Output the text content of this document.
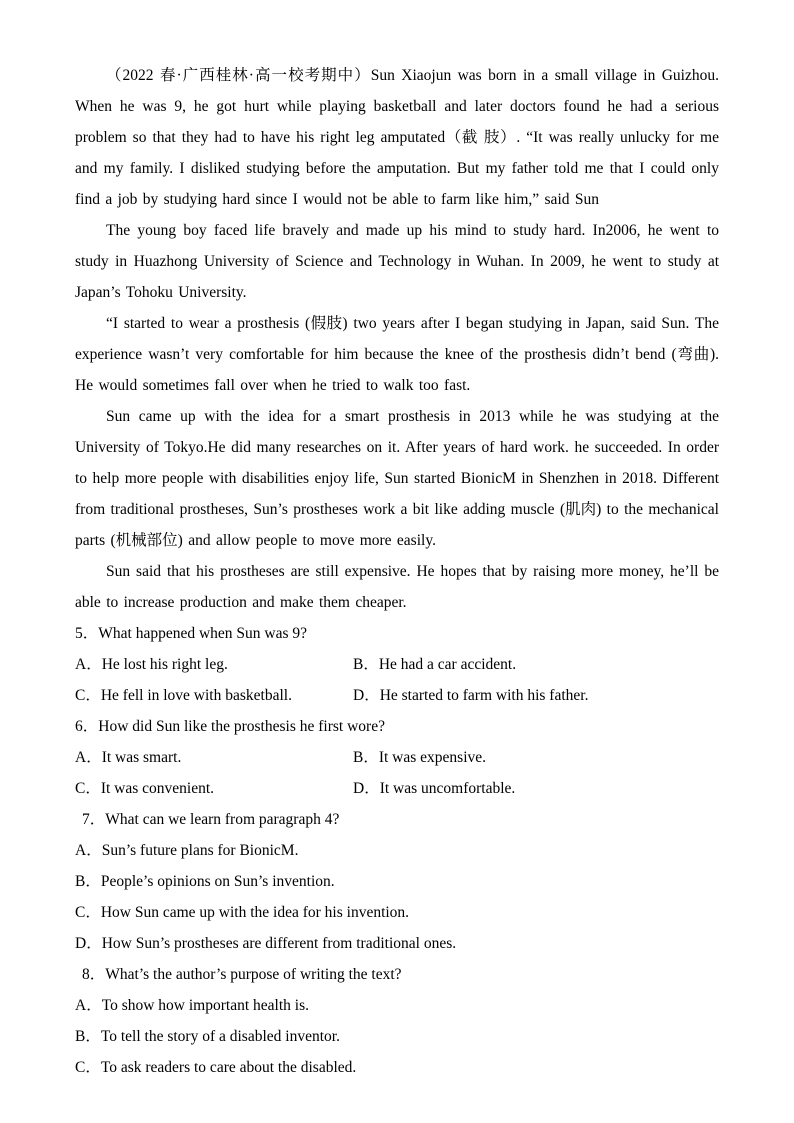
（2022 春·广西桂林·高一校考期中）Sun Xiaojun was born in a small village in Guizhou. When he was 9, he got hurt while playing basketball and later doctors found he had a serious problem so that they had to have his right leg amputated（截 肢）. “It was really unlucky for me and my family. I disliked studying before the amputation. But my father told me that I could only find a job by studying hard since I would not be able to farm like him,” said Sun

The young boy faced life bravely and made up his mind to study hard. In2006, he went to study in Huazhong University of Science and Technology in Wuhan. In 2009, he went to study at Japan’s Tohoku University.

“I started to wear a prosthesis (假肢) two years after I began studying in Japan, said Sun. The experience wasn’t very comfortable for him because the knee of the prosthesis didn’t bend (弯曲). He would sometimes fall over when he tried to walk too fast.

Sun came up with the idea for a smart prosthesis in 2013 while he was studying at the University of Tokyo.He did many researches on it. After years of hard work. he succeeded. In order to help more people with disabilities enjoy life, Sun started BionicM in Shenzhen in 2018. Different from traditional prostheses, Sun’s prostheses work a bit like adding muscle (肌肉) to the mechanical parts (机械部位) and allow people to move more easily.

Sun said that his prostheses are still expensive. He hopes that by raising more money, he’ll be able to increase production and make them cheaper.

5．What happened when Sun was 9?

A．He lost his right leg.	B．He had a car accident.

C．He fell in love with basketball.	D．He started to farm with his father.

6．How did Sun like the prosthesis he first wore?

A．It was smart.	B．It was expensive.

C．It was convenient.	D．It was uncomfortable.

7．What can we learn from paragraph 4?

A．Sun’s future plans for BionicM.

B．People’s opinions on Sun’s invention.

C．How Sun came up with the idea for his invention.

D．How Sun’s prostheses are different from traditional ones.

8．What’s the author’s purpose of writing the text?

A．To show how important health is.

B．To tell the story of a disabled inventor.

C．To ask readers to care about the disabled.
